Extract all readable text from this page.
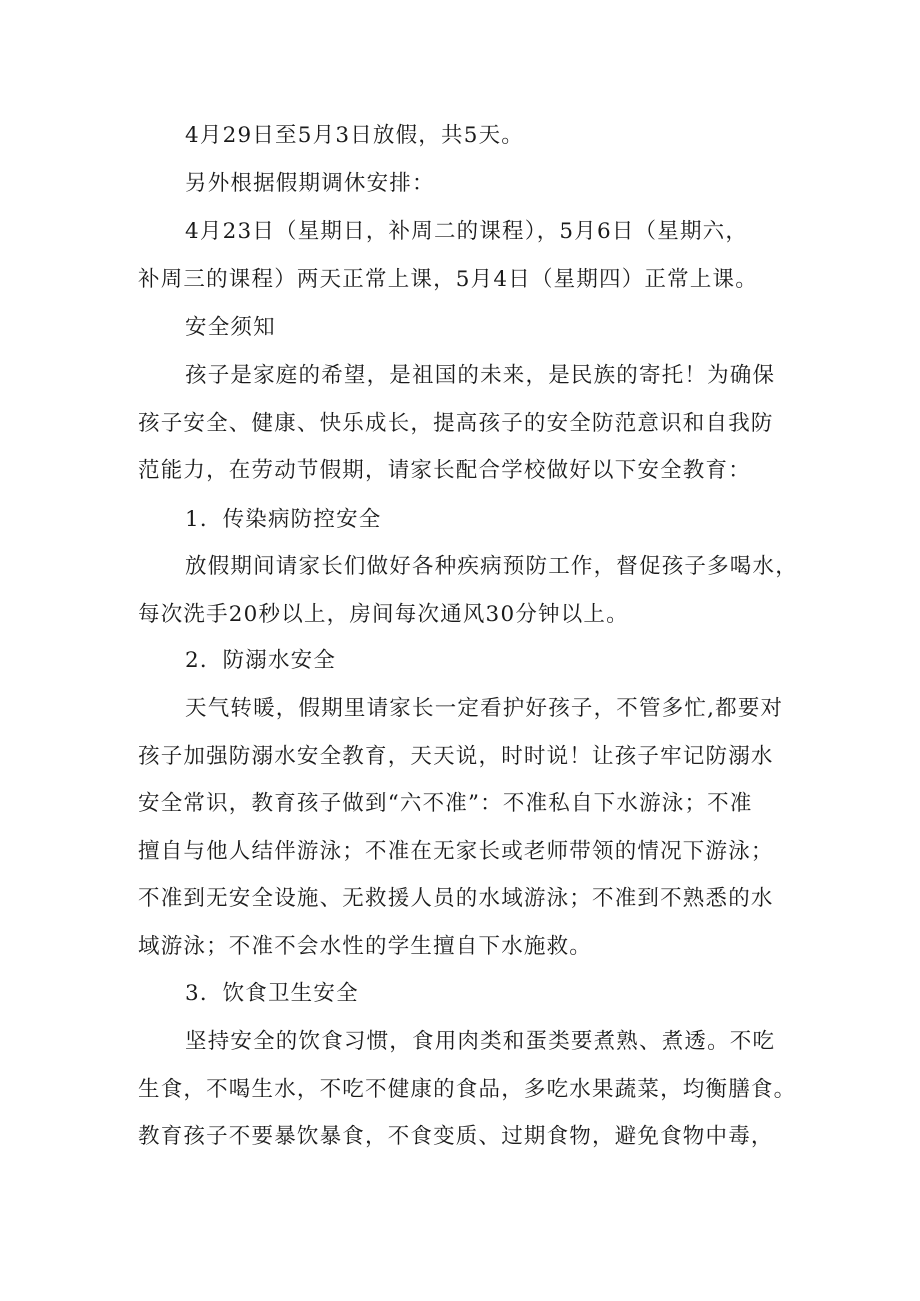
4月29日至5月3日放假，共5天。
另外根据假期调休安排：
4月23日（星期日，补周二的课程），5月6日（星期六，
补周三的课程）两天正常上课，5月4日（星期四）正常上课。
安全须知
孩子是家庭的希望，是祖国的未来，是民族的寄托！为确保
孩子安全、健康、快乐成长，提高孩子的安全防范意识和自我防
范能力，在劳动节假期，请家长配合学校做好以下安全教育：
1．传染病防控安全
放假期间请家长们做好各种疾病预防工作，督促孩子多喝水，
每次洗手20秒以上，房间每次通风30分钟以上。
2．防溺水安全
天气转暖，假期里请家长一定看护好孩子，不管多忙,都要对
孩子加强防溺水安全教育，天天说，时时说！让孩子牢记防溺水
安全常识，教育孩子做到“六不准”：不准私自下水游泳；不准
擅自与他人结伴游泳；不准在无家长或老师带领的情况下游泳；
不准到无安全设施、无救援人员的水域游泳；不准到不熟悉的水
域游泳；不准不会水性的学生擅自下水施救。
3．饮食卫生安全
坚持安全的饮食习惯，食用肉类和蛋类要煮熟、煮透。不吃
生食，不喝生水，不吃不健康的食品，多吃水果蔬菜，均衡膳食。
教育孩子不要暴饮暴食，不食变质、过期食物，避免食物中毒，
